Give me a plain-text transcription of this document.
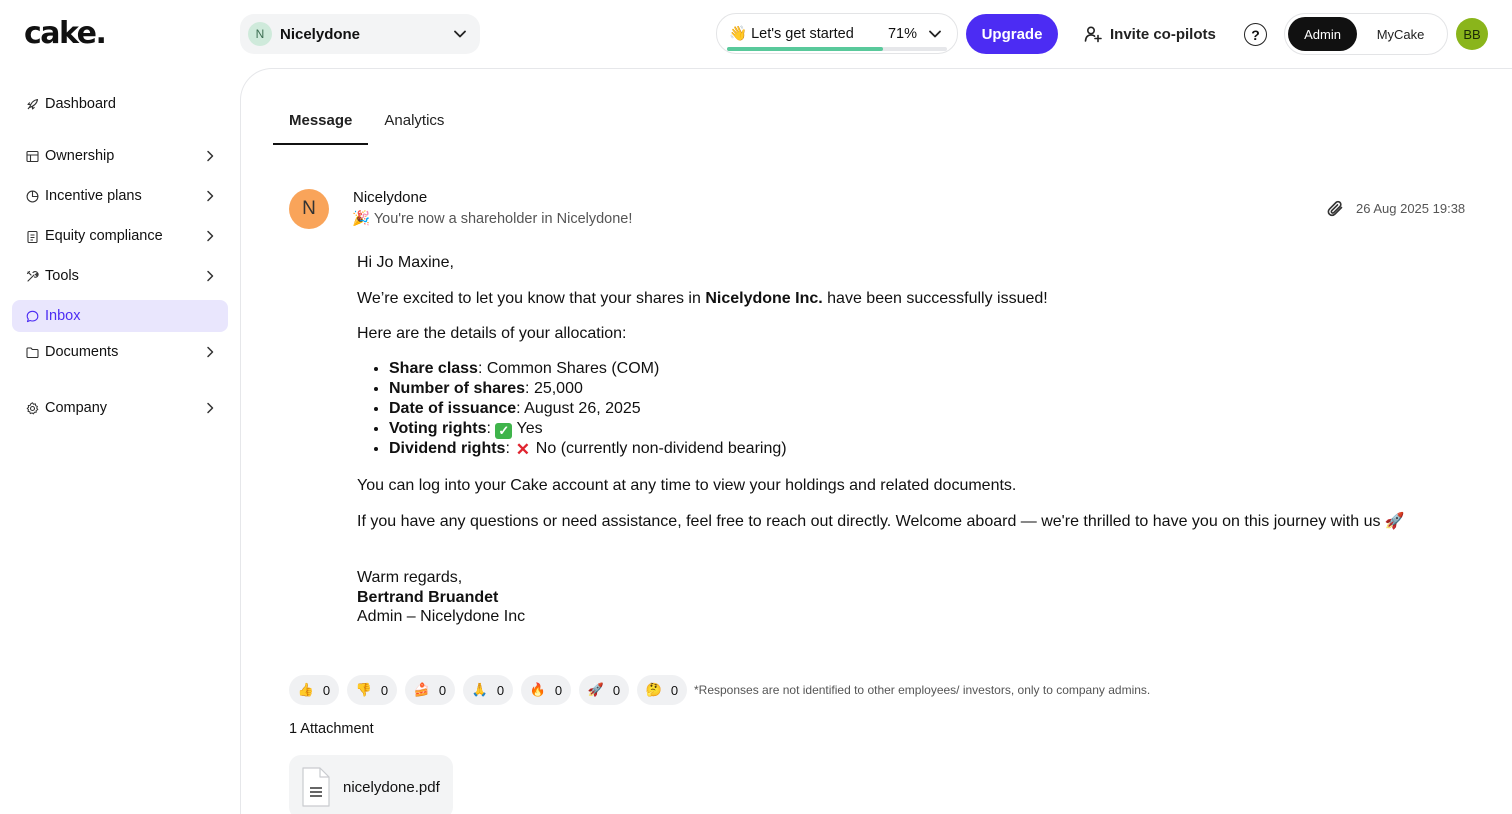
cake.	N	Nicelydone	👋 Let's get started	71%	Upgrade	Invite co-pilots	?	Admin	MyCake	BB
Dashboard
Ownership
Incentive plans
Equity compliance
Tools
Inbox
Documents
Company
Message	Analytics
N
Nicelydone
🎉 You're now a shareholder in Nicelydone!
26 Aug 2025 19:38
Hi Jo Maxine,
We’re excited to let you know that your shares in Nicelydone Inc. have been successfully issued!
Here are the details of your allocation:
• Share class: Common Shares (COM)
• Number of shares: 25,000
• Date of issuance: August 26, 2025
• Voting rights: ✓ Yes
• Dividend rights: ✕ No (currently non-dividend bearing)
You can log into your Cake account at any time to view your holdings and related documents.
If you have any questions or need assistance, feel free to reach out directly. Welcome aboard — we're thrilled to have you on this journey with us 🚀
Warm regards,
Bertrand Bruandet
Admin – Nicelydone Inc
👍 0 👎 0 🍰 0 🙏 0 🔥 0 🚀 0 🤔 0 *Responses are not identified to other employees/ investors, only to company admins.
1 Attachment
nicelydone.pdf
